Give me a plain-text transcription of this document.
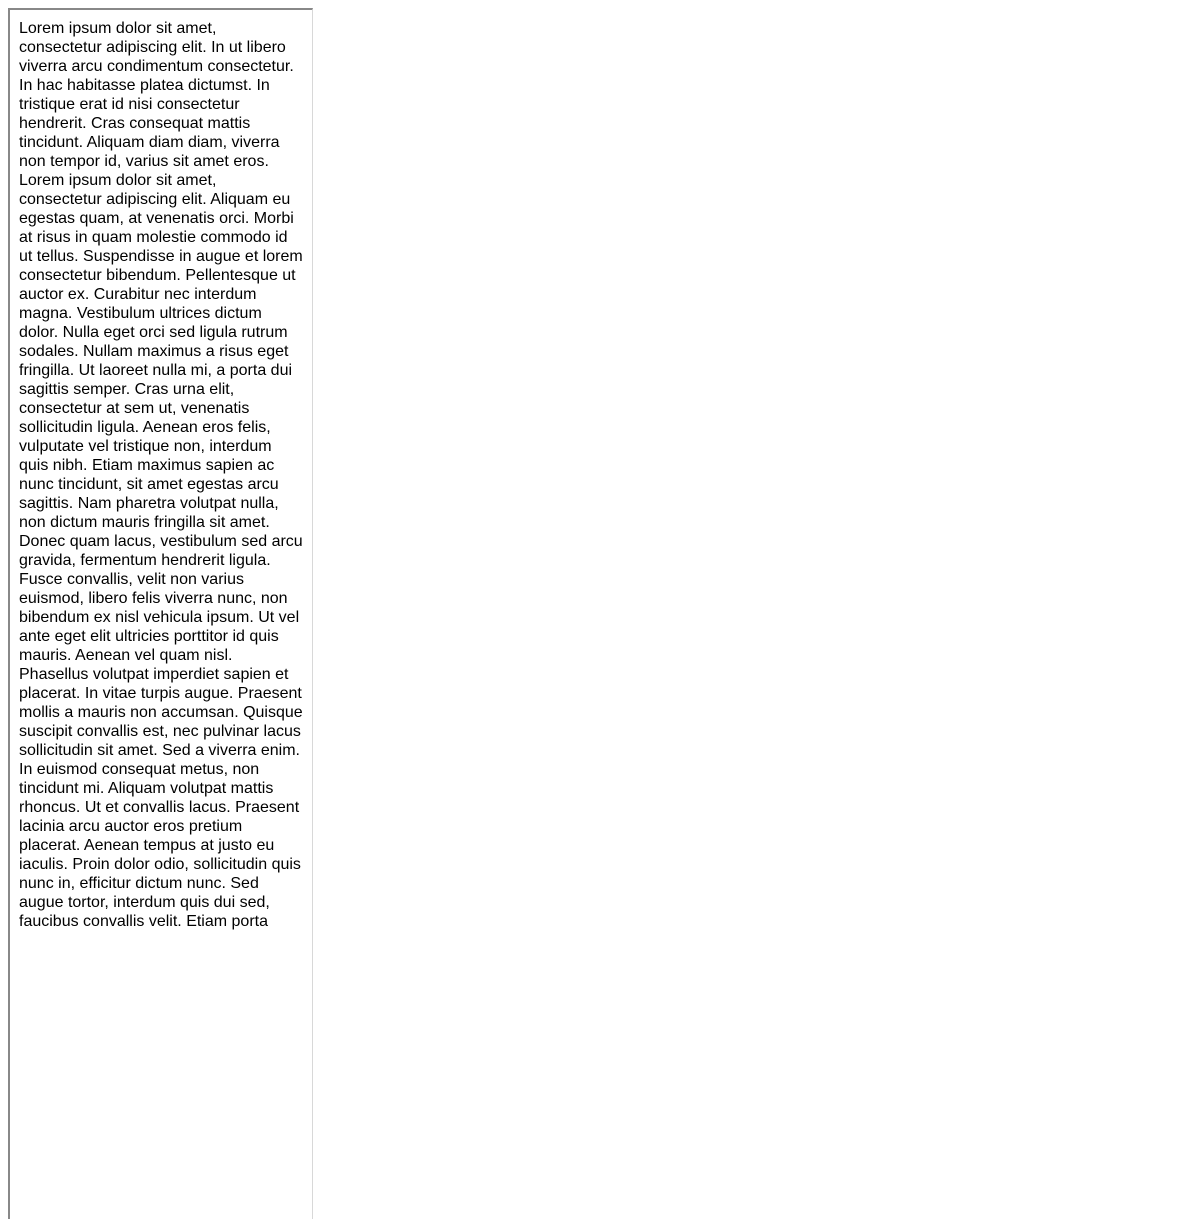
Lorem ipsum dolor sit amet, consectetur adipiscing elit. In ut libero viverra arcu condimentum consectetur. In hac habitasse platea dictumst. In tristique erat id nisi consectetur hendrerit. Cras consequat mattis tincidunt. Aliquam diam diam, viverra non tempor id, varius sit amet eros. Lorem ipsum dolor sit amet, consectetur adipiscing elit. Aliquam eu egestas quam, at venenatis orci. Morbi at risus in quam molestie commodo id ut tellus. Suspendisse in augue et lorem consectetur bibendum. Pellentesque ut auctor ex. Curabitur nec interdum magna. Vestibulum ultrices dictum dolor. Nulla eget orci sed ligula rutrum sodales. Nullam maximus a risus eget fringilla. Ut laoreet nulla mi, a porta dui sagittis semper. Cras urna elit, consectetur at sem ut, venenatis sollicitudin ligula. Aenean eros felis, vulputate vel tristique non, interdum quis nibh. Etiam maximus sapien ac nunc tincidunt, sit amet egestas arcu sagittis. Nam pharetra volutpat nulla, non dictum mauris fringilla sit amet. Donec quam lacus, vestibulum sed arcu gravida, fermentum hendrerit ligula. Fusce convallis, velit non varius euismod, libero felis viverra nunc, non bibendum ex nisl vehicula ipsum. Ut vel ante eget elit ultricies porttitor id quis mauris. Aenean vel quam nisl. Phasellus volutpat imperdiet sapien et placerat. In vitae turpis augue. Praesent mollis a mauris non accumsan. Quisque suscipit convallis est, nec pulvinar lacus sollicitudin sit amet. Sed a viverra enim. In euismod consequat metus, non tincidunt mi. Aliquam volutpat mattis rhoncus. Ut et convallis lacus. Praesent lacinia arcu auctor eros pretium placerat. Aenean tempus at justo eu iaculis. Proin dolor odio, sollicitudin quis nunc in, efficitur dictum nunc. Sed augue tortor, interdum quis dui sed, faucibus convallis velit. Etiam porta
